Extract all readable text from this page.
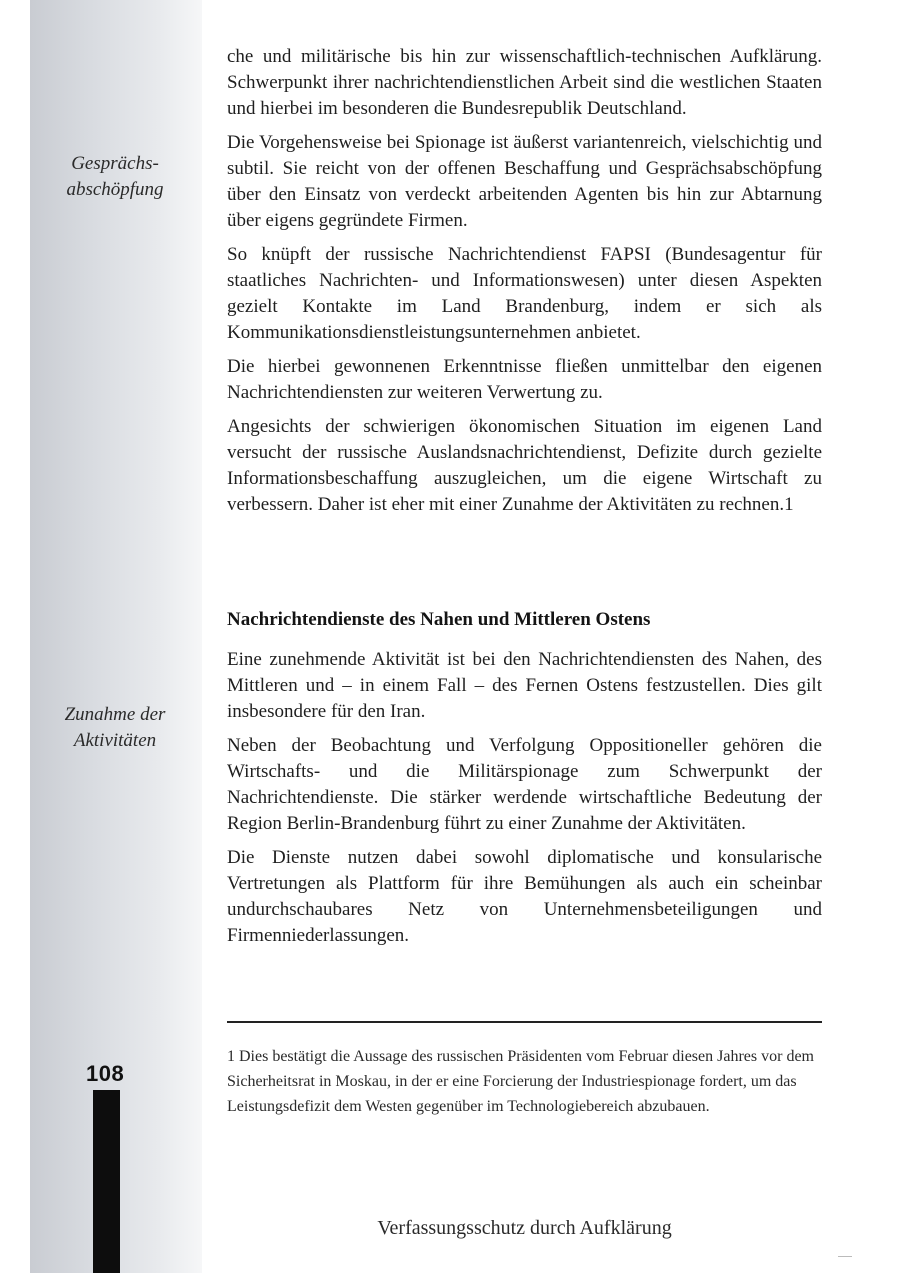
Gesprächs-
abschöpfung
Zunahme der
Aktivitäten

che und militärische bis hin zur wissenschaftlich-technischen Aufklärung. Schwerpunkt ihrer nachrichtendienstlichen Arbeit sind die westlichen Staaten und hierbei im besonderen die Bundesrepublik Deutschland.

Die Vorgehensweise bei Spionage ist äußerst variantenreich, vielschichtig und subtil. Sie reicht von der offenen Beschaffung und Gesprächsabschöpfung über den Einsatz von verdeckt arbeitenden Agenten bis hin zur Abtarnung über eigens gegründete Firmen.

So knüpft der russische Nachrichtendienst FAPSI (Bundesagentur für staatliches Nachrichten- und Informationswesen) unter diesen Aspekten gezielt Kontakte im Land Brandenburg, indem er sich als Kommunikationsdienstleistungsunternehmen anbietet.

Die hierbei gewonnenen Erkenntnisse fließen unmittelbar den eigenen Nachrichtendiensten zur weiteren Verwertung zu.

Angesichts der schwierigen ökonomischen Situation im eigenen Land versucht der russische Auslandsnachrichtendienst, Defizite durch gezielte Informationsbeschaffung auszugleichen, um die eigene Wirtschaft zu verbessern. Daher ist eher mit einer Zunahme der Aktivitäten zu rechnen.1

Nachrichtendienste des Nahen und Mittleren Ostens

Eine zunehmende Aktivität ist bei den Nachrichtendiensten des Nahen, des Mittleren und – in einem Fall – des Fernen Ostens festzustellen. Dies gilt insbesondere für den Iran.

Neben der Beobachtung und Verfolgung Oppositioneller gehören die Wirtschafts- und die Militärspionage zum Schwerpunkt der Nachrichtendienste. Die stärker werdende wirtschaftliche Bedeutung der Region Berlin-Brandenburg führt zu einer Zunahme der Aktivitäten.

Die Dienste nutzen dabei sowohl diplomatische und konsularische Vertretungen als Plattform für ihre Bemühungen als auch ein scheinbar undurchschaubares Netz von Unternehmensbeteiligungen und Firmenniederlassungen.

1 Dies bestätigt die Aussage des russischen Präsidenten vom Februar diesen Jahres vor dem Sicherheitsrat in Moskau, in der er eine Forcierung der Industriespionage fordert, um das Leistungsdefizit dem Westen gegenüber im Technologiebereich abzubauen.
108
Verfassungsschutz durch Aufklärung
